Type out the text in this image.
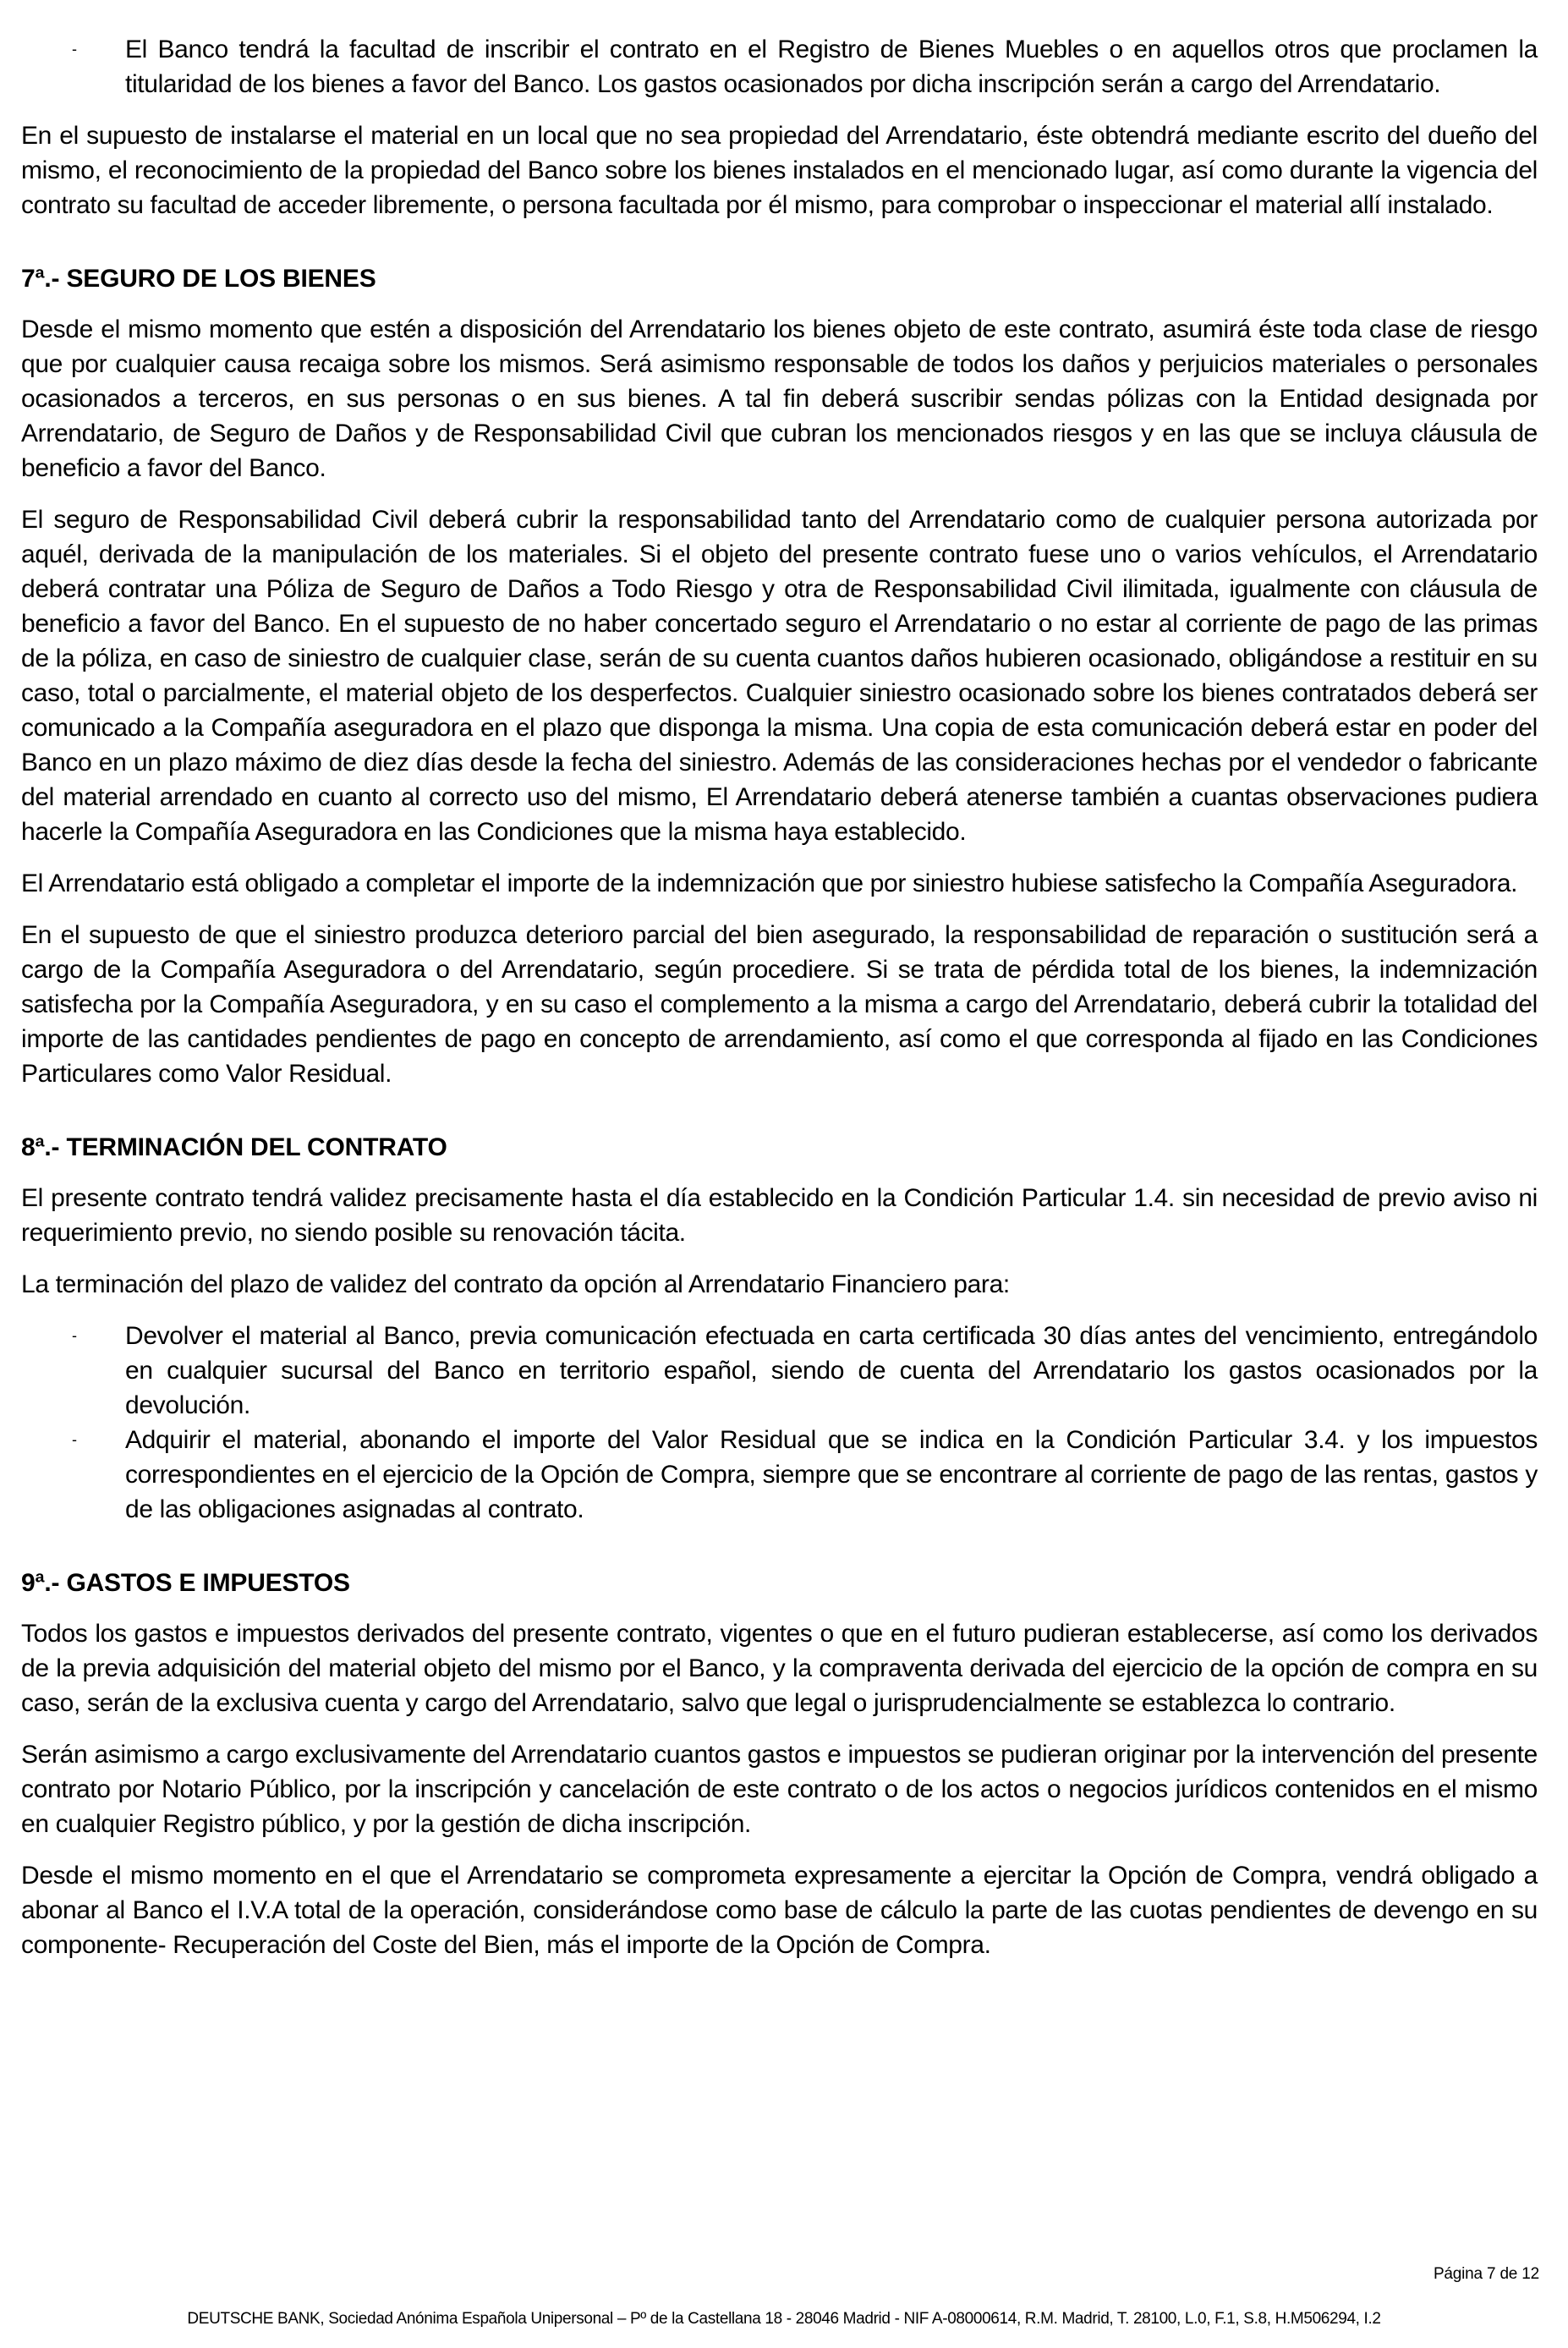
- El Banco tendrá la facultad de inscribir el contrato en el Registro de Bienes Muebles o en aquellos otros que proclamen la titularidad de los bienes a favor del Banco. Los gastos ocasionados por dicha inscripción serán a cargo del Arrendatario.

En el supuesto de instalarse el material en un local que no sea propiedad del Arrendatario, éste obtendrá mediante escrito del dueño del mismo, el reconocimiento de la propiedad del Banco sobre los bienes instalados en el mencionado lugar, así como durante la vigencia del contrato su facultad de acceder libremente, o persona facultada por él mismo, para comprobar o inspeccionar el material allí instalado.

7ª.- SEGURO DE LOS BIENES

Desde el mismo momento que estén a disposición del Arrendatario los bienes objeto de este contrato, asumirá éste toda clase de riesgo que por cualquier causa recaiga sobre los mismos. Será asimismo responsable de todos los daños y perjuicios materiales o personales ocasionados a terceros, en sus personas o en sus bienes. A tal fin deberá suscribir sendas pólizas con la Entidad designada por Arrendatario, de Seguro de Daños y de Responsabilidad Civil que cubran los mencionados riesgos y en las que se incluya cláusula de beneficio a favor del Banco.

El seguro de Responsabilidad Civil deberá cubrir la responsabilidad tanto del Arrendatario como de cualquier persona autorizada por aquél, derivada de la manipulación de los materiales. Si el objeto del presente contrato fuese uno o varios vehículos, el Arrendatario deberá contratar una Póliza de Seguro de Daños a Todo Riesgo y otra de Responsabilidad Civil ilimitada, igualmente con cláusula de beneficio a favor del Banco. En el supuesto de no haber concertado seguro el Arrendatario o no estar al corriente de pago de las primas de la póliza, en caso de siniestro de cualquier clase, serán de su cuenta cuantos daños hubieren ocasionado, obligándose a restituir en su caso, total o parcialmente, el material objeto de los desperfectos. Cualquier siniestro ocasionado sobre los bienes contratados deberá ser comunicado a la Compañía aseguradora en el plazo que disponga la misma. Una copia de esta comunicación deberá estar en poder del Banco en un plazo máximo de diez días desde la fecha del siniestro. Además de las consideraciones hechas por el vendedor o fabricante del material arrendado en cuanto al correcto uso del mismo, El Arrendatario deberá atenerse también a cuantas observaciones pudiera hacerle la Compañía Aseguradora en las Condiciones que la misma haya establecido.

El Arrendatario está obligado a completar el importe de la indemnización que por siniestro hubiese satisfecho la Compañía Aseguradora.

En el supuesto de que el siniestro produzca deterioro parcial del bien asegurado, la responsabilidad de reparación o sustitución será a cargo de la Compañía Aseguradora o del Arrendatario, según procediere. Si se trata de pérdida total de los bienes, la indemnización satisfecha por la Compañía Aseguradora, y en su caso el complemento a la misma a cargo del Arrendatario, deberá cubrir la totalidad del importe de las cantidades pendientes de pago en concepto de arrendamiento, así como el que corresponda al fijado en las Condiciones Particulares como Valor Residual.

8ª.- TERMINACIÓN DEL CONTRATO

El presente contrato tendrá validez precisamente hasta el día establecido en la Condición Particular 1.4. sin necesidad de previo aviso ni requerimiento previo, no siendo posible su renovación tácita.

La terminación del plazo de validez del contrato da opción al Arrendatario Financiero para:

- Devolver el material al Banco, previa comunicación efectuada en carta certificada 30 días antes del vencimiento, entregándolo en cualquier sucursal del Banco en territorio español, siendo de cuenta del Arrendatario los gastos ocasionados por la devolución.
- Adquirir el material, abonando el importe del Valor Residual que se indica en la Condición Particular 3.4. y los impuestos correspondientes en el ejercicio de la Opción de Compra, siempre que se encontrare al corriente de pago de las rentas, gastos y de las obligaciones asignadas al contrato.
9ª.- GASTOS E IMPUESTOS

Todos los gastos e impuestos derivados del presente contrato, vigentes o que en el futuro pudieran establecerse, así como los derivados de la previa adquisición del material objeto del mismo por el Banco, y la compraventa derivada del ejercicio de la opción de compra en su caso, serán de la exclusiva cuenta y cargo del Arrendatario, salvo que legal o jurisprudencialmente se establezca lo contrario.

Serán asimismo a cargo exclusivamente del Arrendatario cuantos gastos e impuestos se pudieran originar por la intervención del presente contrato por Notario Público, por la inscripción y cancelación de este contrato o de los actos o negocios jurídicos contenidos en el mismo en cualquier Registro público, y por la gestión de dicha inscripción.

Desde el mismo momento en el que el Arrendatario se comprometa expresamente a ejercitar la Opción de Compra, vendrá obligado a abonar al Banco el I.V.A total de la operación, considerándose como base de cálculo la parte de las cuotas pendientes de devengo en su componente- Recuperación del Coste del Bien, más el importe de la Opción de Compra.

Página 7 de 12
DEUTSCHE BANK, Sociedad Anónima Española Unipersonal – Pº de la Castellana 18 - 28046 Madrid - NIF A-08000614, R.M. Madrid, T. 28100, L.0, F.1, S.8, H.M506294, I.2
